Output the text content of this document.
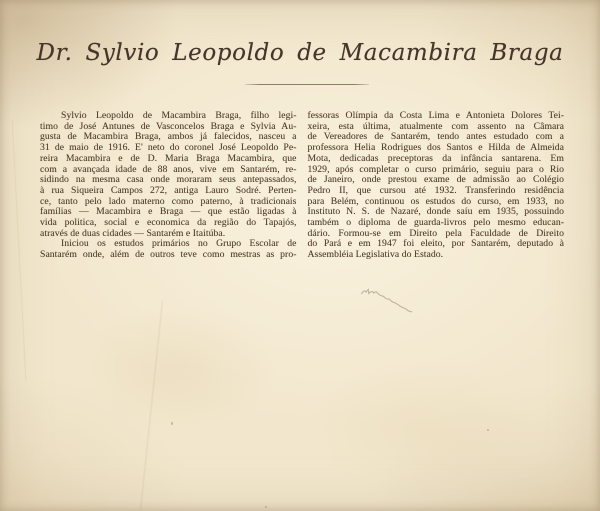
Dr. Sylvio Leopoldo de Macambira Braga
Sylvio Leopoldo de Macambira Braga, filho legi-
timo de José Antunes de Vasconcelos Braga e Sylvia Au-
gusta de Macambira Braga, ambos já falecidos, nasceu a
31 de maio de 1916. E' neto do coronel José Leopoldo Pe-
reira Macambira e de D. Maria Braga Macambira, que
com a avançada idade de 88 anos, vive em Santarém, re-
sidindo na mesma casa onde moraram seus antepassados,
à rua Siqueira Campos 272, antiga Lauro Sodré. Perten-
ce, tanto pelo lado materno como paterno, à tradicionais
famílias — Macambira e Braga — que estão ligadas à
vida politica, social e economica da região do Tapajós,
através de duas cidades — Santarém e Itaitúba.
Iniciou os estudos primários no Grupo Escolar de
Santarém onde, além de outros teve como mestras as pro-
fessoras Olímpia da Costa Lima e Antonieta Dolores Tei-
xeira, esta última, atualmente com assento na Câmara
de Vereadores de Santarém, tendo antes estudado com a
professora Helia Rodrigues dos Santos e Hilda de Almeida
Mota, dedicadas preceptoras da infância santarena. Em
1929, após completar o curso primário, seguiu para o Rio
de Janeiro, onde prestou exame de admissão ao Colégio
Pedro II, que cursou até 1932. Transferindo residência
para Belém, continuou os estudos do curso, em 1933, no
Instituto N. S. de Nazaré, donde saíu em 1935, possuindo
também o diploma de guarda-livros pelo mesmo educan-
dário. Formou-se em Direito pela Faculdade de Direito
do Pará e em 1947 foi eleito, por Santarém, deputado à
Assembléia Legislativa do Estado.
